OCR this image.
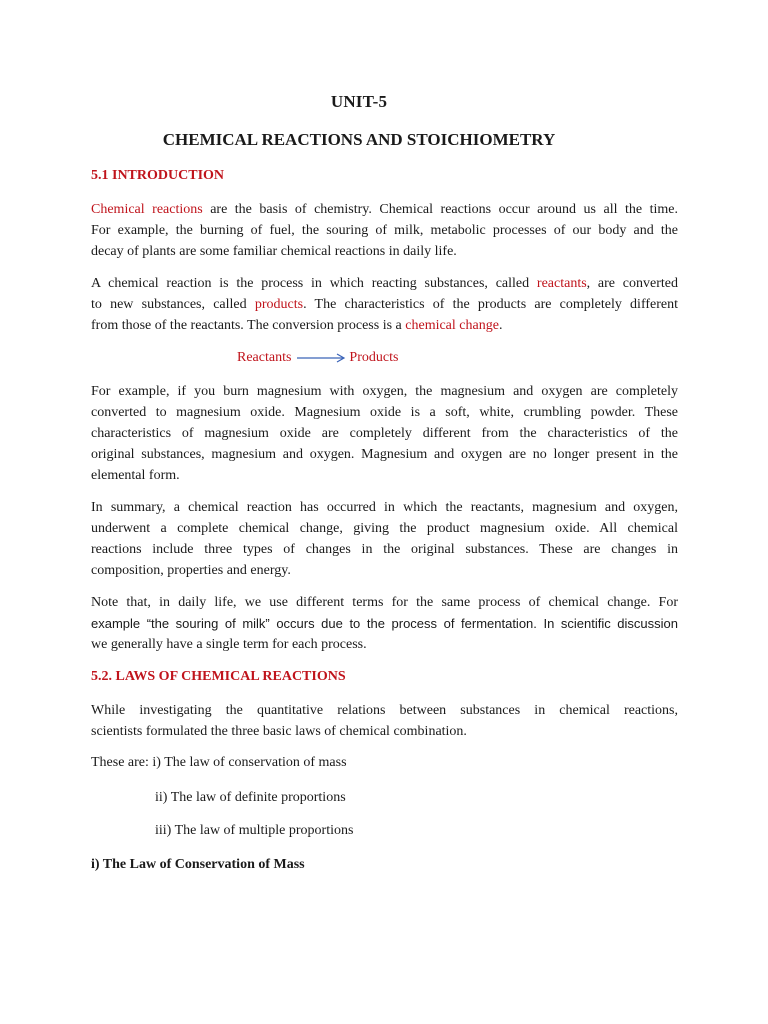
UNIT-5
CHEMICAL REACTIONS AND STOICHIOMETRY
5.1 INTRODUCTION
Chemical reactions are the basis of chemistry. Chemical reactions occur around us all the time.
For example, the burning of fuel, the souring of milk, metabolic processes of our body and the
decay of plants are some familiar chemical reactions in daily life.
A chemical reaction is the process in which reacting substances, called reactants, are converted
to new substances, called products. The characteristics of the products are completely different
from those of the reactants. The conversion process is a chemical change.
Reactants	Products
For example, if you burn magnesium with oxygen, the magnesium and oxygen are completely
converted to magnesium oxide. Magnesium oxide is a soft, white, crumbling powder. These
characteristics of magnesium oxide are completely different from the characteristics of the
original substances, magnesium and oxygen. Magnesium and oxygen are no longer present in the
elemental form.
In summary, a chemical reaction has occurred in which the reactants, magnesium and oxygen,
underwent a complete chemical change, giving the product magnesium oxide. All chemical
reactions include three types of changes in the original substances. These are changes in
composition, properties and energy.
Note that, in daily life, we use different terms for the same process of chemical change. For
example “the souring of milk” occurs due to the process of fermentation. In scientific discussion
we generally have a single term for each process.
5.2. LAWS OF CHEMICAL REACTIONS
While investigating the quantitative relations between substances in chemical reactions,
scientists formulated the three basic laws of chemical combination.
These are: i) The law of conservation of mass
ii) The law of definite proportions
iii) The law of multiple proportions
i) The Law of Conservation of Mass
